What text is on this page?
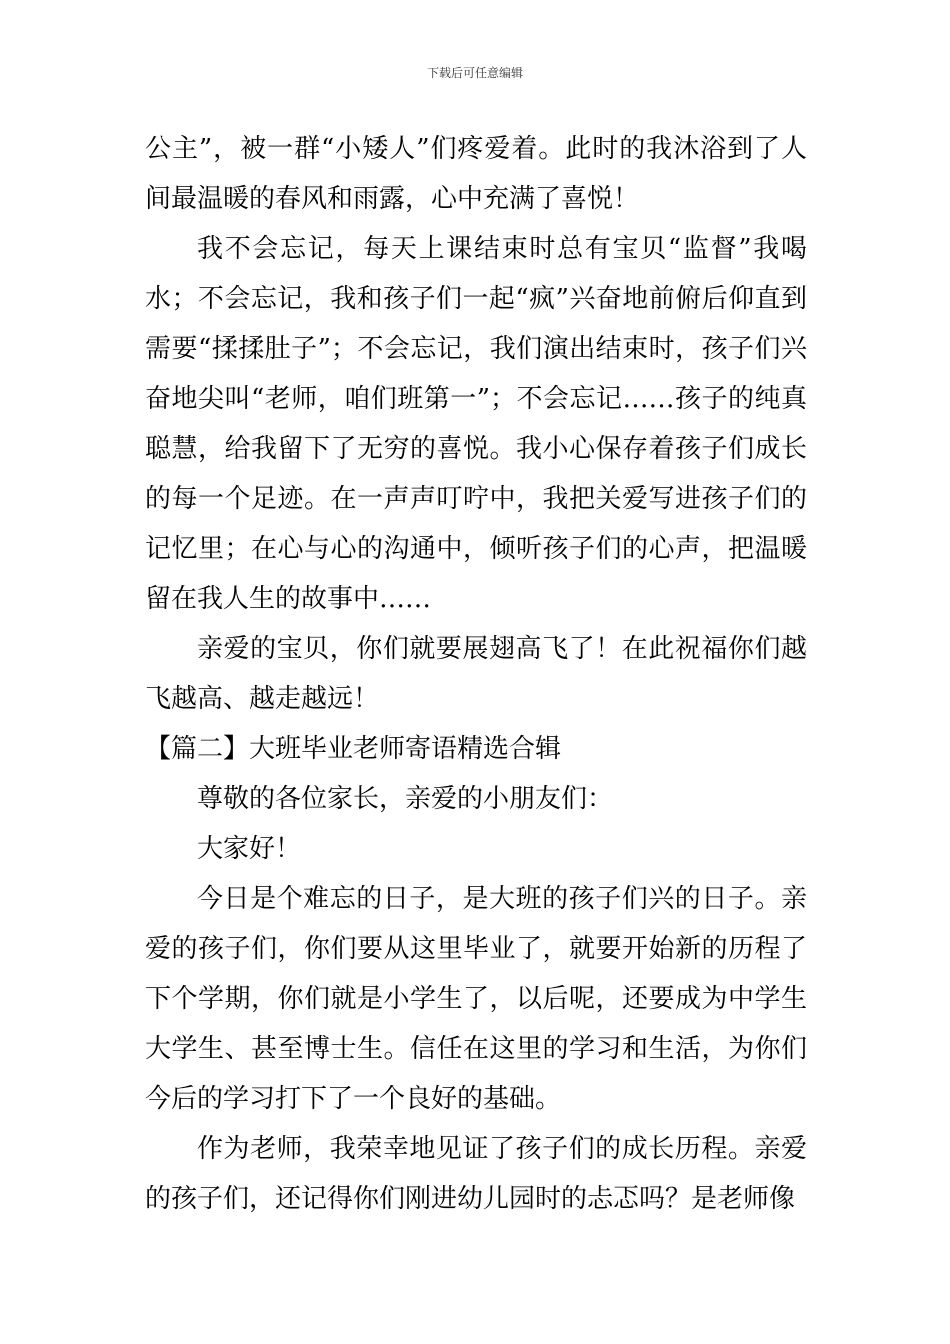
下载后可任意编辑

公主”，被一群“小矮人”们疼爱着。此时的我沐浴到了人间最温暖的春风和雨露，心中充满了喜悦！

我不会忘记，每天上课结束时总有宝贝“监督”我喝水；不会忘记，我和孩子们一起“疯”兴奋地前俯后仰直到需要“揉揉肚子”；不会忘记，我们演出结束时，孩子们兴奋地尖叫“老师，咱们班第一”；不会忘记……孩子的纯真聪慧，给我留下了无穷的喜悦。我小心保存着孩子们成长的每一个足迹。在一声声叮咛中，我把关爱写进孩子们的记忆里；在心与心的沟通中，倾听孩子们的心声，把温暖留在我人生的故事中……

亲爱的宝贝，你们就要展翅高飞了！在此祝福你们越飞越高、越走越远！

【篇二】大班毕业老师寄语精选合辑

尊敬的各位家长，亲爱的小朋友们：

大家好！

今日是个难忘的日子，是大班的孩子们兴的日子。亲爱的孩子们，你们要从这里毕业了，就要开始新的历程了下个学期，你们就是小学生了，以后呢，还要成为中学生大学生、甚至博士生。信任在这里的学习和生活，为你们今后的学习打下了一个良好的基础。

作为老师，我荣幸地见证了孩子们的成长历程。亲爱的孩子们，还记得你们刚进幼儿园时的忐忑吗？是老师像
